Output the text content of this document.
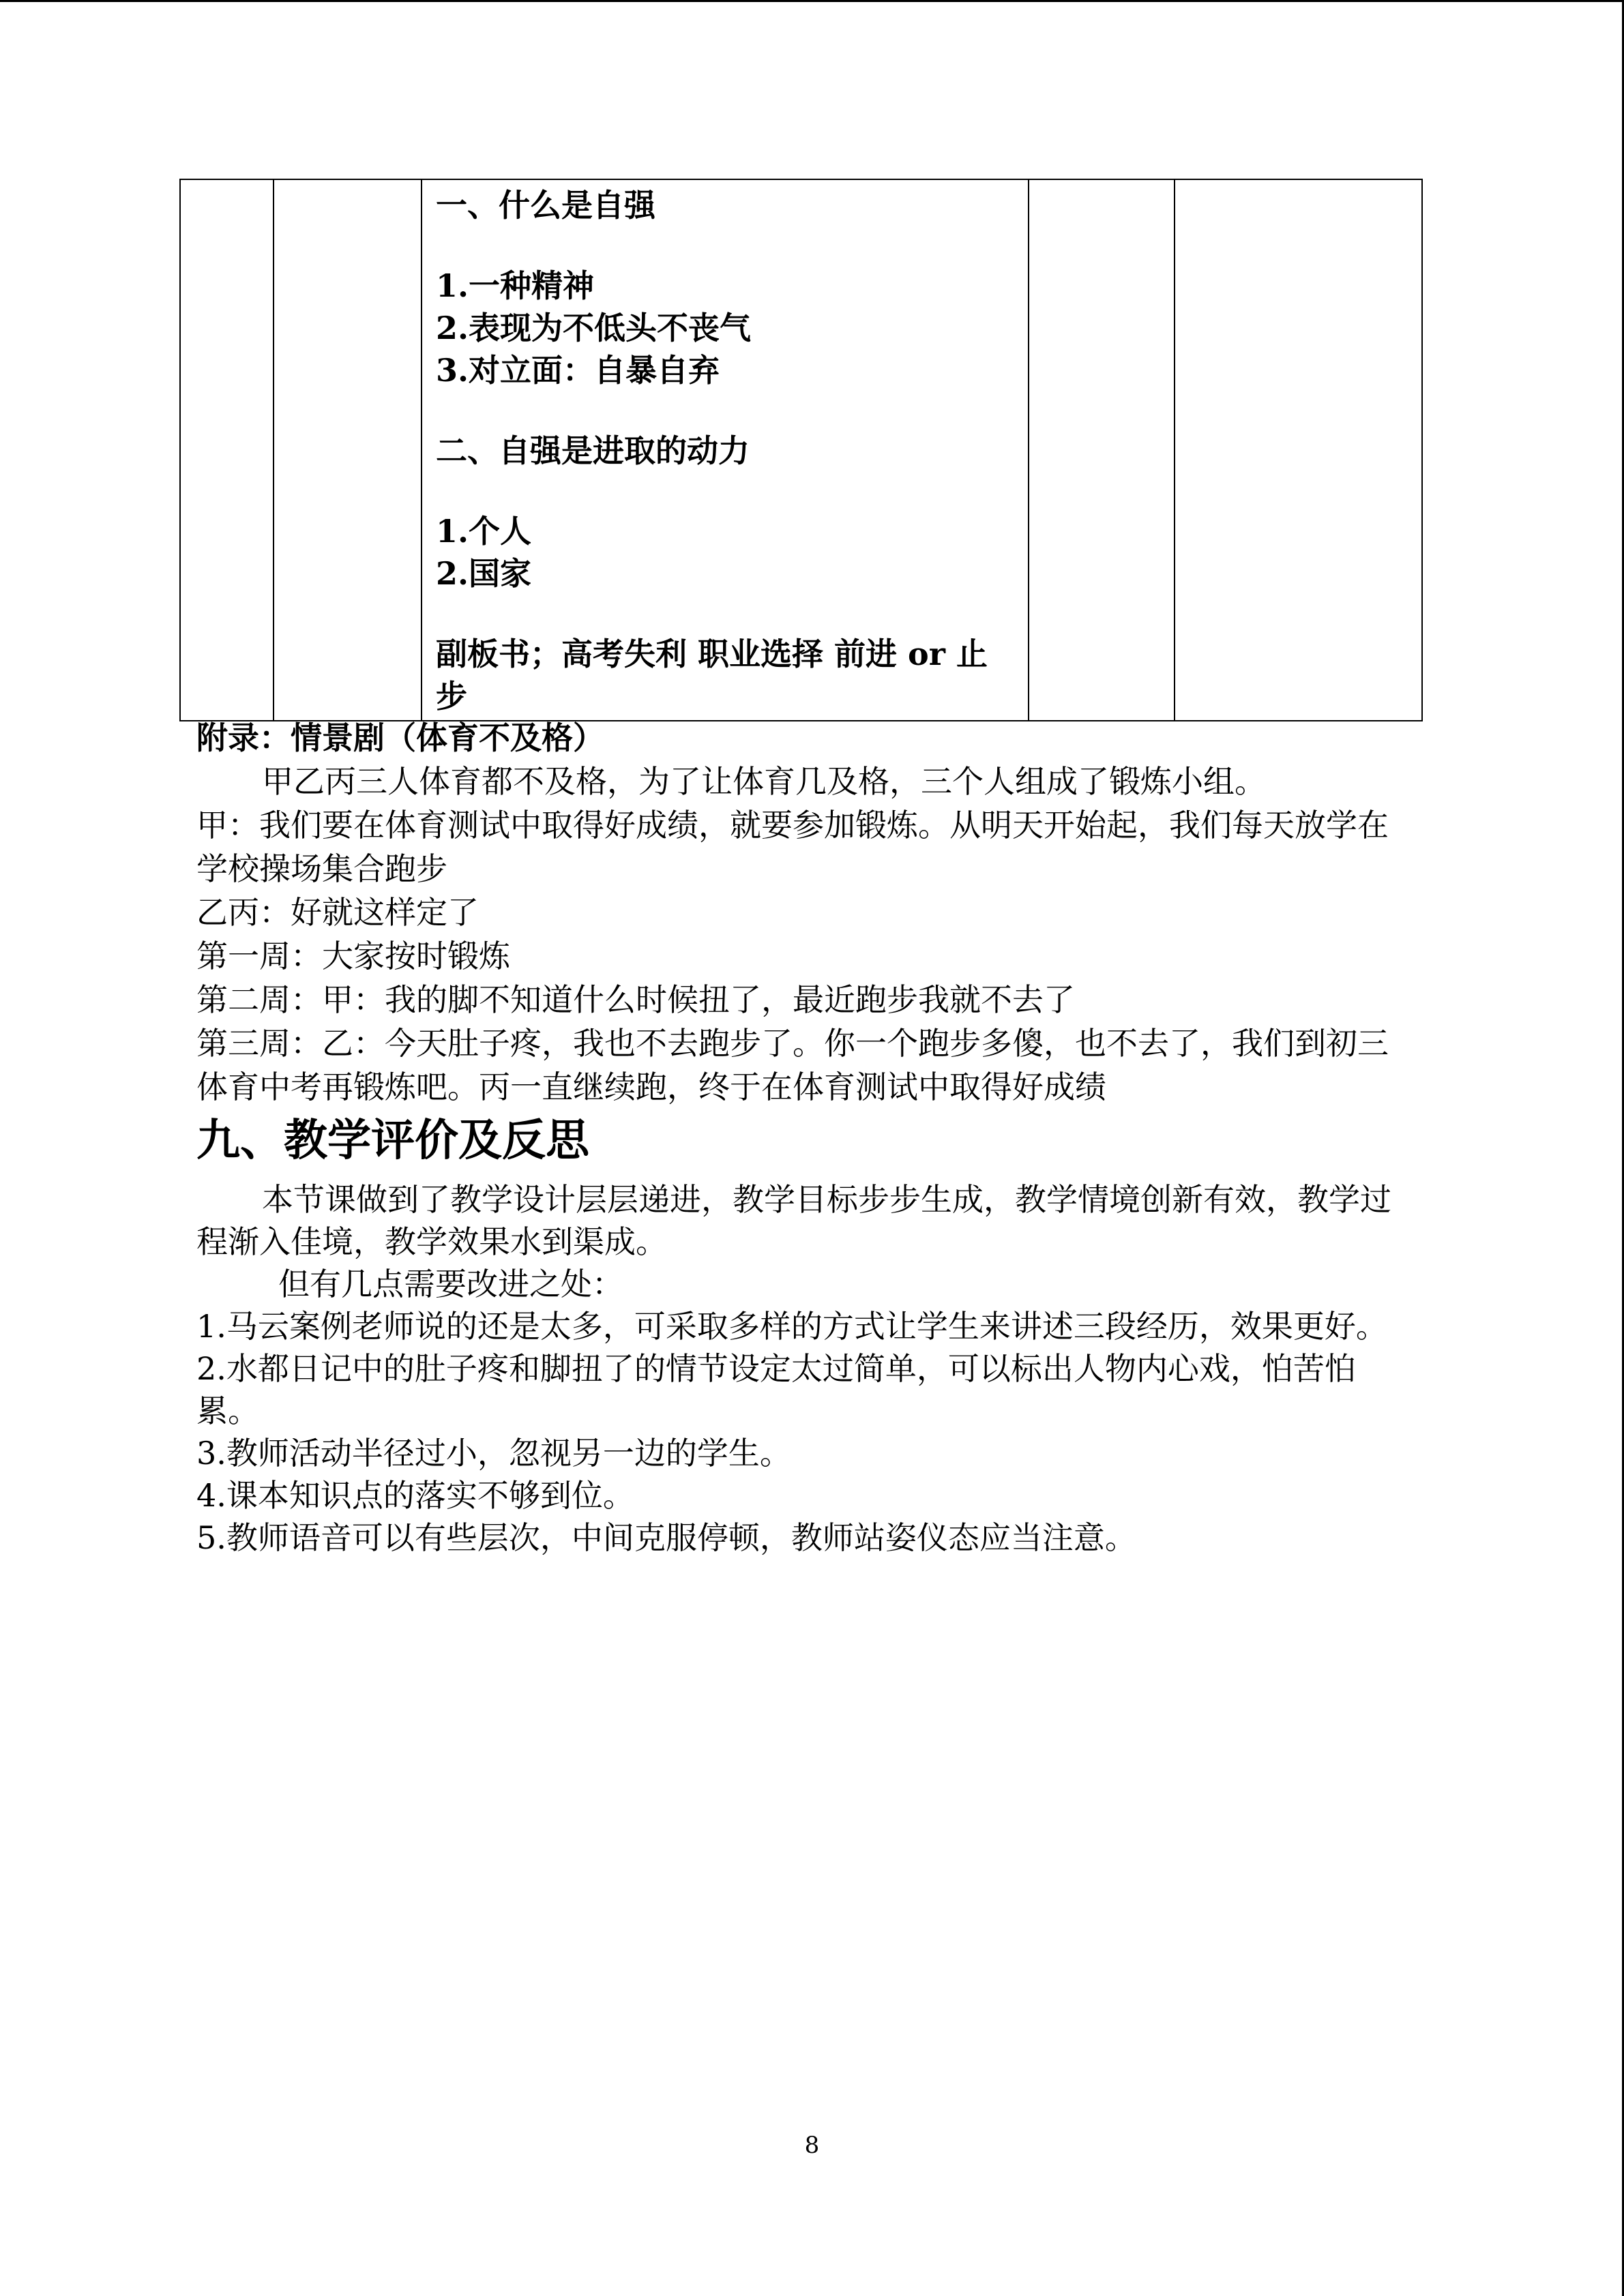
一、什么是自强
1.一种精神
2.表现为不低头不丧气
3.对立面：自暴自弃
二、自强是进取的动力
1.个人
2.国家
副板书；高考失利 职业选择 前进 or 止步

附录：情景剧（体育不及格）

甲乙丙三人体育都不及格，为了让体育几及格，三个人组成了锻炼小组。

甲：我们要在体育测试中取得好成绩，就要参加锻炼。从明天开始起，我们每天放学在学校操场集合跑步

乙丙：好就这样定了

第一周：大家按时锻炼

第二周：甲：我的脚不知道什么时候扭了，最近跑步我就不去了

第三周：乙：今天肚子疼，我也不去跑步了。你一个跑步多傻，也不去了，我们到初三体育中考再锻炼吧。丙一直继续跑，终于在体育测试中取得好成绩

九、教学评价及反思

本节课做到了教学设计层层递进，教学目标步步生成，教学情境创新有效，教学过程渐入佳境，教学效果水到渠成。

但有几点需要改进之处：

1.马云案例老师说的还是太多，可采取多样的方式让学生来讲述三段经历，效果更好。

2.水都日记中的肚子疼和脚扭了的情节设定太过简单，可以标出人物内心戏，怕苦怕累。

3.教师活动半径过小，忽视另一边的学生。

4.课本知识点的落实不够到位。

5.教师语音可以有些层次，中间克服停顿，教师站姿仪态应当注意。

8
